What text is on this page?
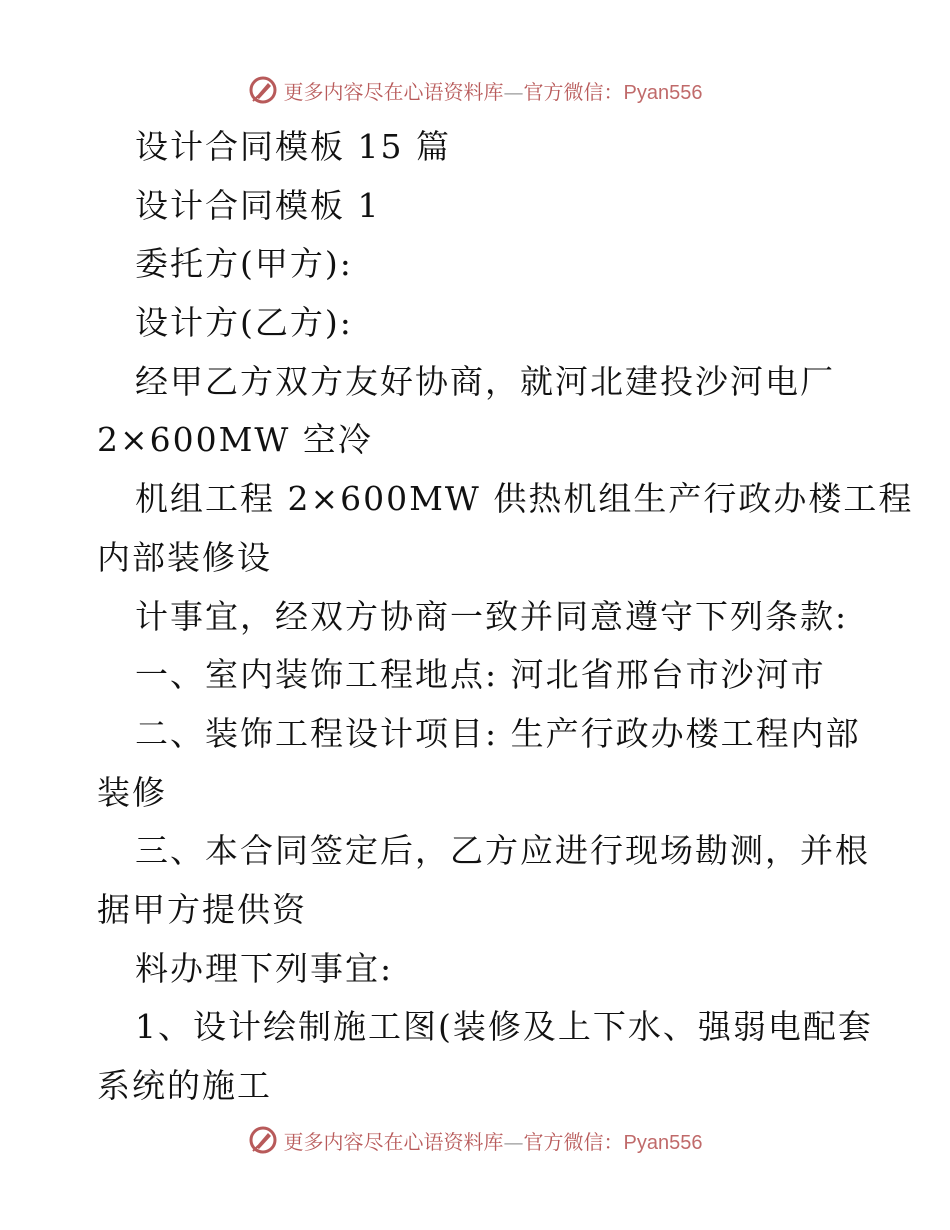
更多内容尽在心语资料库—官方微信：Pyan556
设计合同模板 15 篇
设计合同模板 1
委托方(甲方):
设计方(乙方):
经甲乙方双方友好协商，就河北建投沙河电厂
2×600MW 空冷
机组工程 2×600MW 供热机组生产行政办楼工程
内部装修设
计事宜，经双方协商一致并同意遵守下列条款:
一、室内装饰工程地点: 河北省邢台市沙河市
二、装饰工程设计项目: 生产行政办楼工程内部
装修
三、本合同签定后，乙方应进行现场勘测，并根
据甲方提供资
料办理下列事宜:
1、设计绘制施工图(装修及上下水、强弱电配套
系统的施工
更多内容尽在心语资料库—官方微信：Pyan556
